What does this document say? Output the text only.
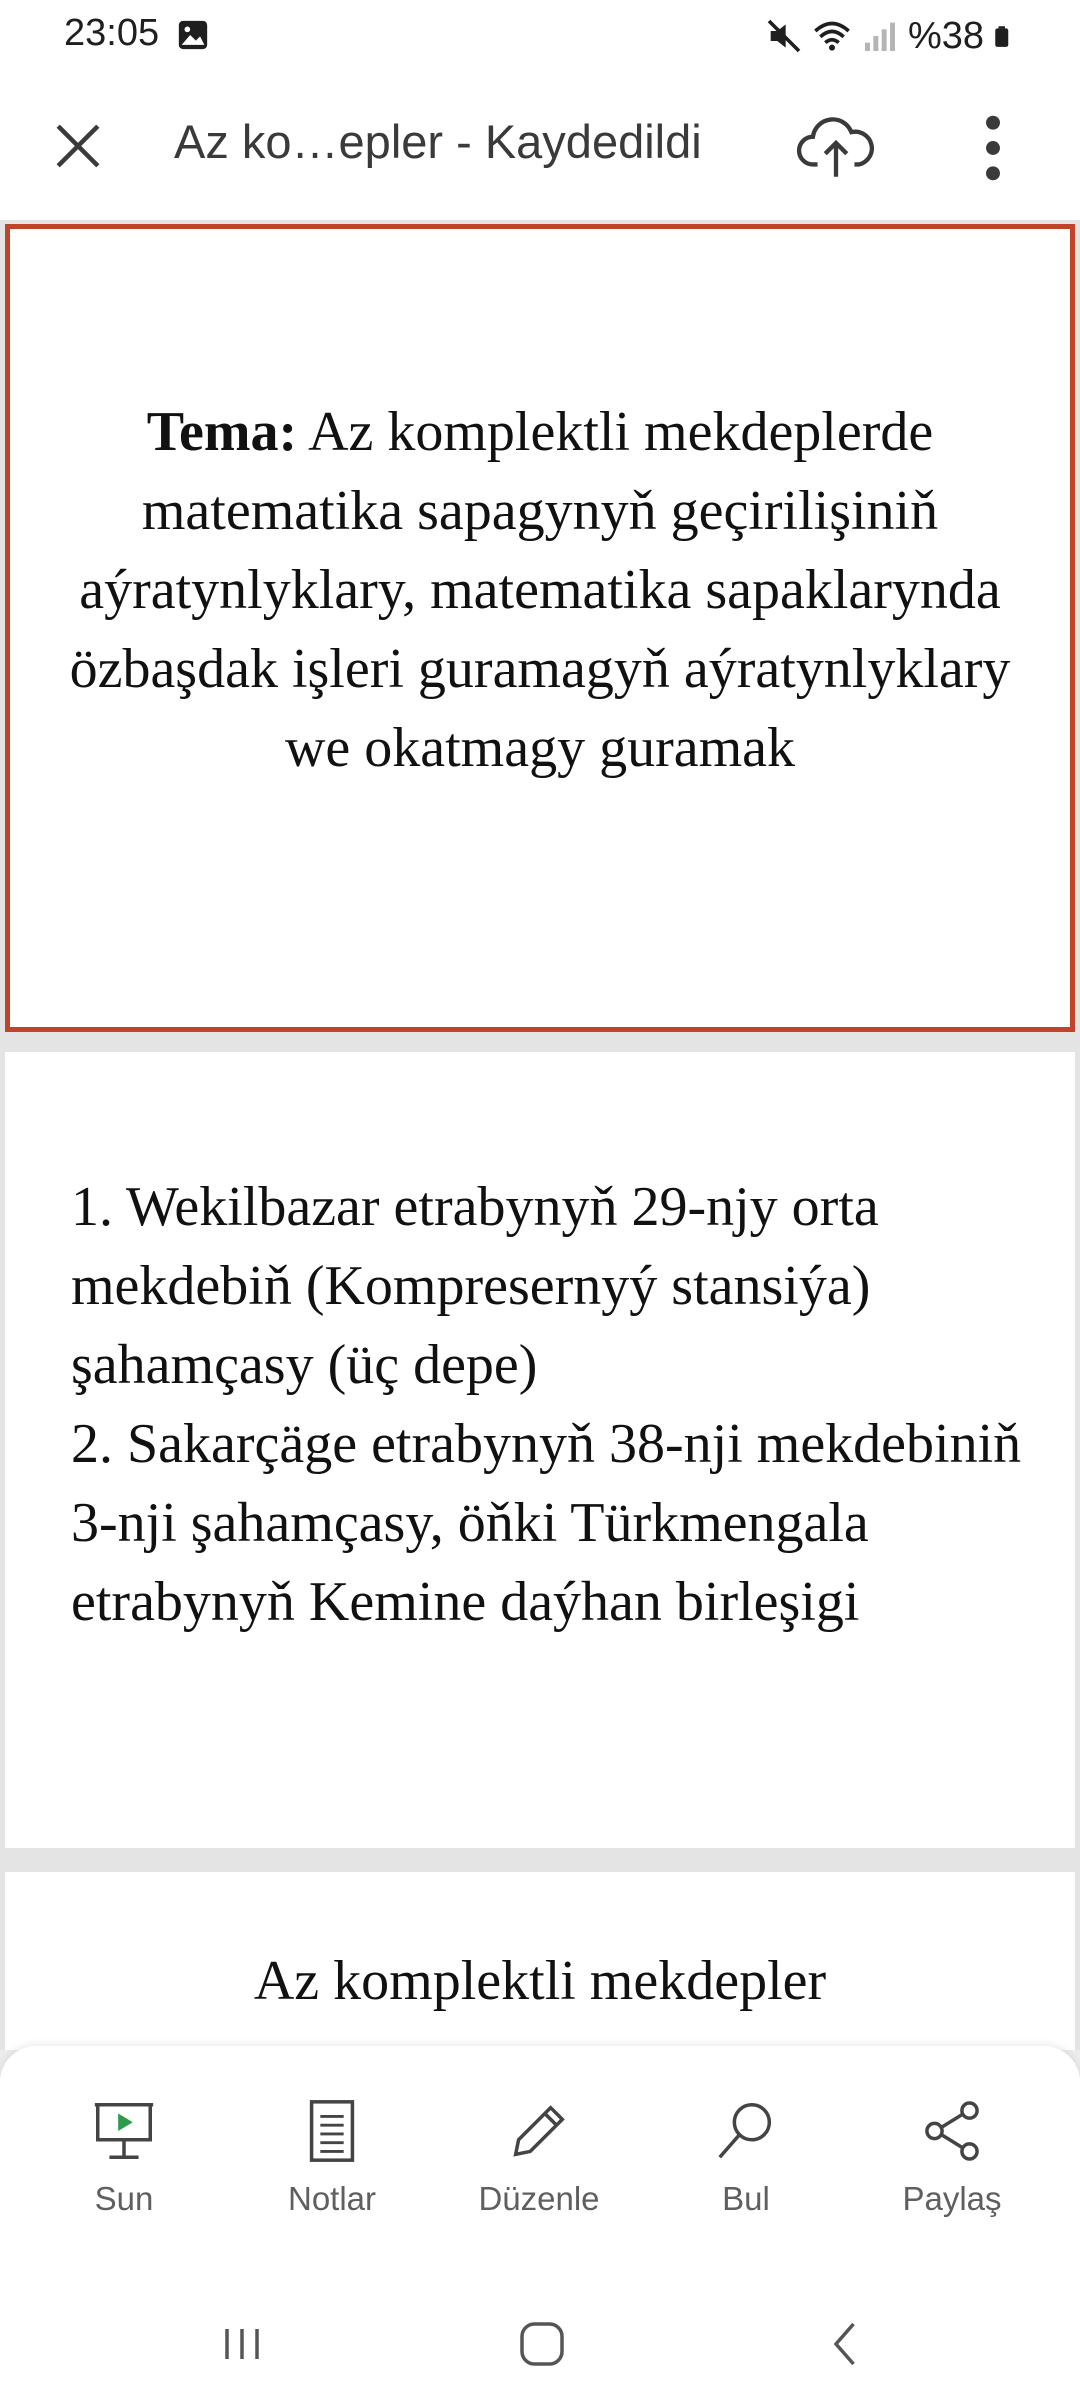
23:05	%38
Az ko…epler - Kaydedildi
Tema: Az komplektli mekdeplerde matematika sapagynyň geçirilişiniň aýratynlyklary, matematika sapaklarynda özbaşdak işleri guramagyň aýratynlyklary we okatmagy guramak
1. Wekilbazar etrabynyň 29-njy orta mekdebiň (Kompresernyý stansiýa) şahamçasy (üç depe)
2. Sakarçäge etrabynyň 38-nji mekdebiniň 3-nji şahamçasy, öňki Türkmengala etrabynyň Kemine daýhan birleşigi
Az komplektli mekdepler
Sun	Notlar	Düzenle	Bul	Paylaş
